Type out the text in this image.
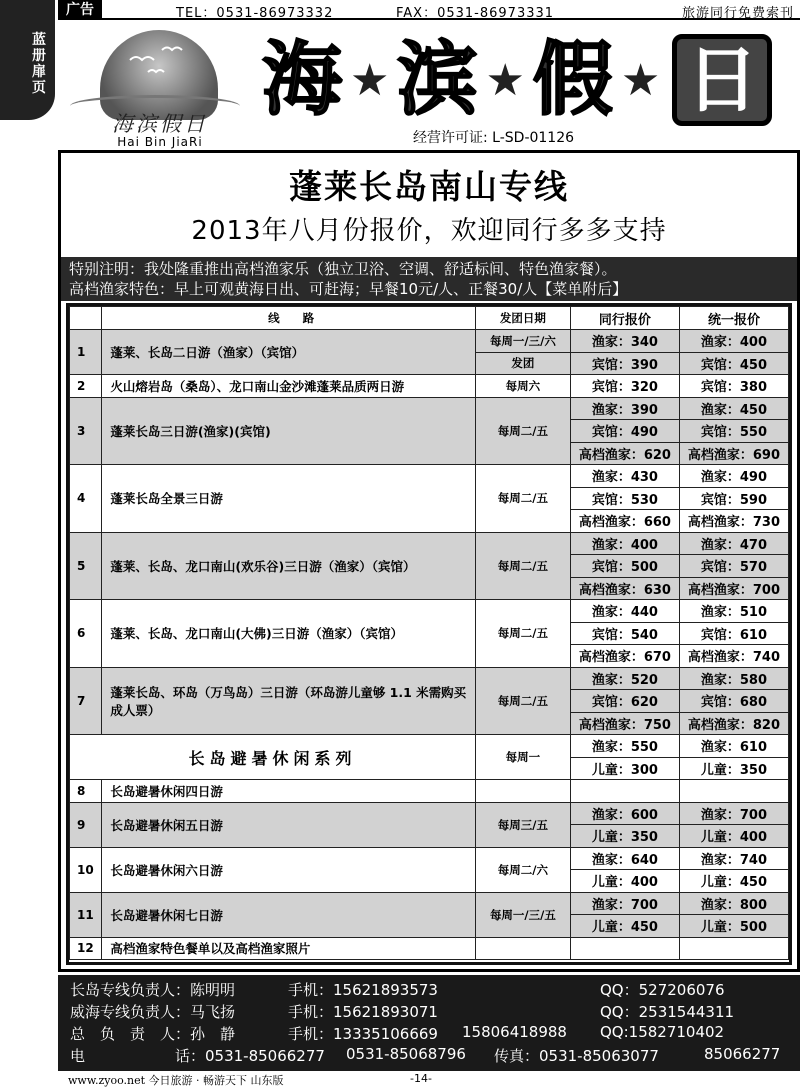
蓝册扉页
广告	TEL：0531-86973332	FAX：0531-86973331	旅游同行免费索刊
海滨假日
Hai Bin JiaRi
海 ★ 滨 ★ 假 ★ 日
经营许可证: L-SD-01126
蓬莱长岛南山专线
2013年八月份报价，欢迎同行多多支持
特别注明：我处隆重推出高档渔家乐（独立卫浴、空调、舒适标间、特色渔家餐）。
高档渔家特色：早上可观黄海日出、可赶海；早餐10元/人、正餐30/人【菜单附后】
	线　　路	发团日期	同行报价	统一报价
1	蓬莱、长岛二日游（渔家）（宾馆）	每周一/三/六	渔家：340	渔家：400
		发团	宾馆：390	宾馆：450
2	火山熔岩岛（桑岛）、龙口南山金沙滩蓬莱品质两日游	每周六	宾馆：320	宾馆：380
3	蓬莱长岛三日游(渔家)(宾馆)	每周二/五	渔家：390	渔家：450
			宾馆：490	宾馆：550
			高档渔家：620	高档渔家：690
4	蓬莱长岛全景三日游	每周二/五	渔家：430	渔家：490
			宾馆：530	宾馆：590
			高档渔家：660	高档渔家：730
5	蓬莱、长岛、龙口南山(欢乐谷)三日游（渔家）（宾馆）	每周二/五	渔家：400	渔家：470
			宾馆：500	宾馆：570
			高档渔家：630	高档渔家：700
6	蓬莱、长岛、龙口南山(大佛)三日游（渔家）（宾馆）	每周二/五	渔家：440	渔家：510
			宾馆：540	宾馆：610
			高档渔家：670	高档渔家：740
7	蓬莱长岛、环岛（万鸟岛）三日游（环岛游儿童够 1.1 米需购买成人票）	每周二/五	渔家：520	渔家：580
			宾馆：620	宾馆：680
			高档渔家：750	高档渔家：820
长岛避暑休闲系列		每周一	渔家：550	渔家：610
			儿童：300	儿童：350
8	长岛避暑休闲四日游			
9	长岛避暑休闲五日游	每周三/五	渔家：600	渔家：700
			儿童：350	儿童：400
10	长岛避暑休闲六日游	每周二/六	渔家：640	渔家：740
			儿童：400	儿童：450
11	长岛避暑休闲七日游	每周一/三/五	渔家：700	渔家：800
			儿童：450	儿童：500
12	高档渔家特色餐单以及高档渔家照片			
长岛专线负责人：陈明明	手机：15621893573	QQ：527206076
威海专线负责人：马飞扬	手机：15621893071	QQ：2531544311
总　负　责　人：孙　静	手机：13335106669 15806418988 QQ:1582710402
电　　　　　　话：0531-85066277 0531-85068796 传真：0531-85063077	85066277
www.zyoo.net 今日旅游 · 畅游天下 山东版	-14-
